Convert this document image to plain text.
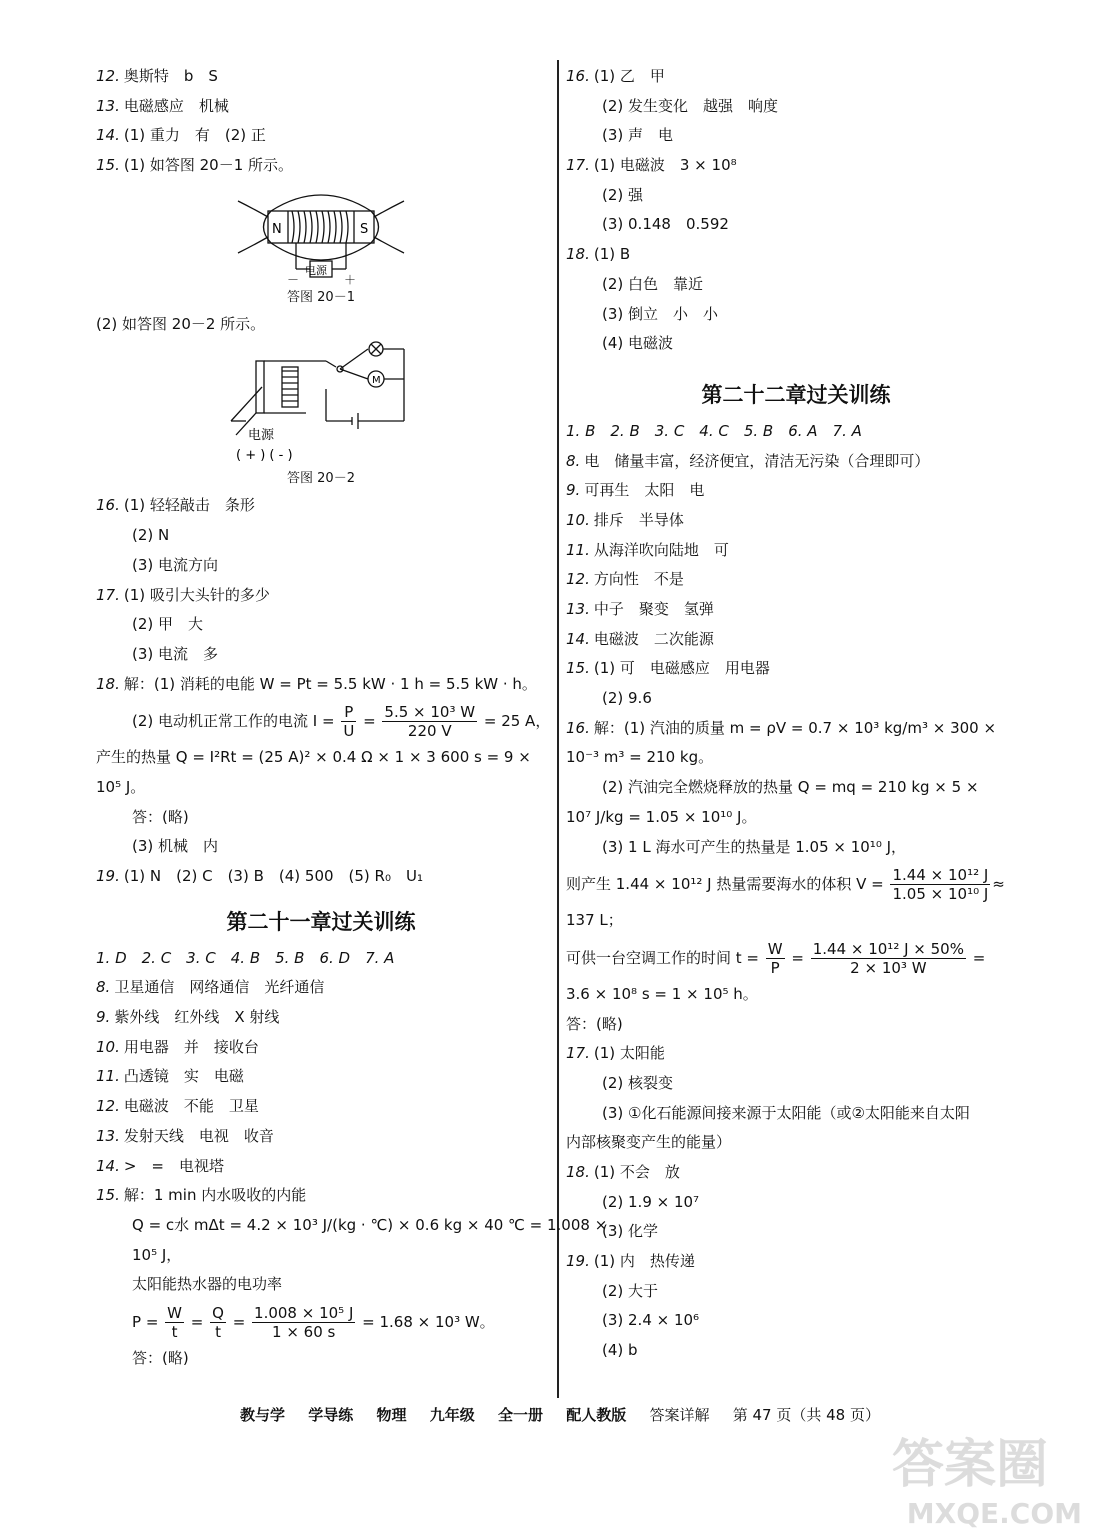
12. 奥斯特　b　S
13. 电磁感应　机械
14. (1) 重力　有　(2) 正
15. (1) 如答图 20－1 所示。
N	S
电源
－	＋
答图 20－1
(2) 如答图 20－2 所示。
M
电源
( + ) ( - )
答图 20－2
16. (1) 轻轻敲击　条形
(2) N
(3) 电流方向
17. (1) 吸引大头针的多少
(2) 甲　大
(3) 电流　多
18. 解：(1) 消耗的电能 W = Pt = 5.5 kW · 1 h = 5.5 kW · h。
(2) 电动机正常工作的电流 $I = \frac{P}{U} = \frac{\text{5.5 × 10³ W}}{220 V} = 25$ A，
产生的热量 Q = I²Rt = (25 A)² × 0.4 Ω × 1 × 3 600 s = 9 ×
10⁵ J。
答：(略)
(3) 机械　内
19. (1) N　(2) C　(3) B　(4) 500　(5) R₀　U₁
第二十一章过关训练
1. D　2. C　3. C　4. B　5. B　6. D　7. A
8. 卫星通信　网络通信　光纤通信
9. 紫外线　红外线　X 射线
10. 用电器　并　接收台
11. 凸透镜　实　电磁
12. 电磁波　不能　卫星
13. 发射天线　电视　收音
14. >　=　电视塔
15. 解：1 min 内水吸收的内能
Q = c水 mΔt = 4.2 × 10³ J/(kg · ℃) × 0.6 kg × 40 ℃ = 1.008 ×
10⁵ J，
太阳能热水器的电功率
$P = \frac{W}{t} = \frac{Q}{t} = \frac{\text{1.008 × 10⁵ J}}{1 \times 60 s} = 1.68 \times 10^3$ W。
答：(略)
16. (1) 乙　甲
(2) 发生变化　越强　响度
(3) 声　电
17. (1) 电磁波　3 × 10⁸
(2) 强
(3) 0.148　0.592
18. (1) B
(2) 白色　靠近
(3) 倒立　小　小
(4) 电磁波
第二十二章过关训练
1. B　2. B　3. C　4. C　5. B　6. A　7. A
8. 电　储量丰富，经济便宜，清洁无污染（合理即可）
9. 可再生　太阳　电
10. 排斥　半导体
11. 从海洋吹向陆地　可
12. 方向性　不是
13. 中子　聚变　氢弹
14. 电磁波　二次能源
15. (1) 可　电磁感应　用电器
(2) 9.6
16. 解：(1) 汽油的质量 m = ρV = 0.7 × 10³ kg/m³ × 300 ×
10⁻³ m³ = 210 kg。
(2) 汽油完全燃烧释放的热量 Q = mq = 210 kg × 5 ×
10⁷ J/kg = 1.05 × 10¹⁰ J。
(3) 1 L 海水可产生的热量是 1.05 × 10¹⁰ J，
则产生 1.44 × 10¹² J 热量需要海水的体积 $V = \frac{\text{1.44 × 10¹² J}}{\text{1.05 × 10¹⁰ J}}$ ≈
137 L；
可供一台空调工作的时间 $t = \frac{W}{P} = \frac{\text{1.44 × 10¹² J × 50\%}}{\text{2 × 10³ W}}$ =
3.6 × 10⁸ s = 1 × 10⁵ h。
答：(略)
17. (1) 太阳能
(2) 核裂变
(3) ①化石能源间接来源于太阳能（或②太阳能来自太阳
内部核聚变产生的能量）
18. (1) 不会　放
(2) 1.9 × 10⁷
(3) 化学
19. (1) 内　热传递
(2) 大于
(3) 2.4 × 10⁶
(4) b
教与学 学导练 物理 九年级 全一册 配人教版 答案详解 第 47 页（共 48 页）
答案圈
MXQE.COM
